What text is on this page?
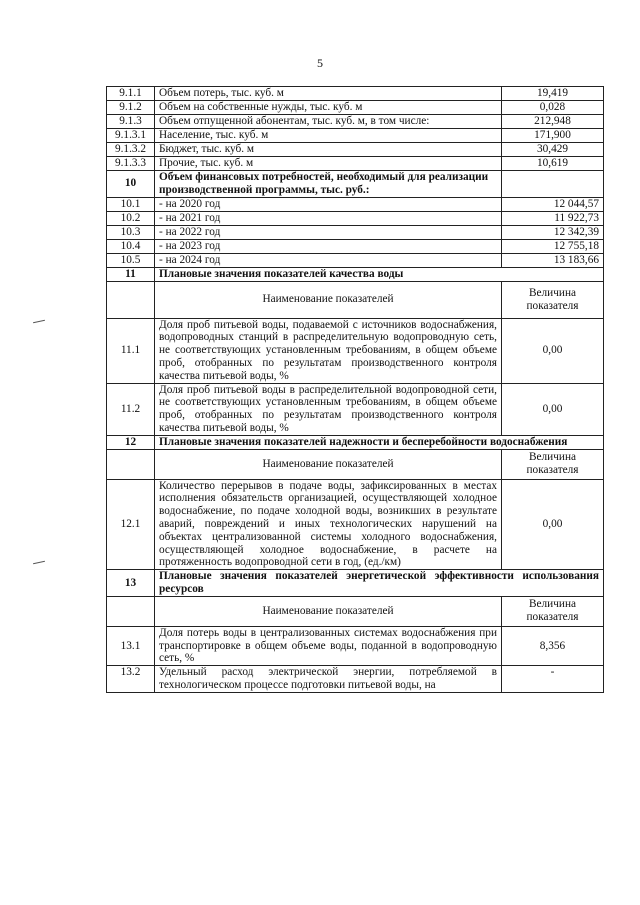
5
9.1.1	Объем потерь, тыс. куб. м	19,419
9.1.2	Объем на собственные нужды, тыс. куб. м	0,028
9.1.3	Объем отпущенной абонентам, тыс. куб. м, в том числе:	212,948
9.1.3.1	Население, тыс. куб. м	171,900
9.1.3.2	Бюджет, тыс. куб. м	30,429
9.1.3.3	Прочие, тыс. куб. м	10,619
10	Объем финансовых потребностей, необходимый для реализации производственной программы, тыс. руб.:	
10.1	- на 2020 год	12 044,57
10.2	- на 2021 год	11 922,73
10.3	- на 2022 год	12 342,39
10.4	- на 2023 год	12 755,18
10.5	- на 2024 год	13 183,66
11	Плановые значения показателей качества воды	
	Наименование показателей	Величина показателя
11.1	Доля проб питьевой воды, подаваемой с источников водоснабжения, водопроводных станций в распределительную водопроводную сеть, не соответствующих установленным требованиям, в общем объеме проб, отобранных по результатам производственного контроля качества питьевой воды, %	0,00
11.2	Доля проб питьевой воды в распределительной водопроводной сети, не соответствующих установленным требованиям, в общем объеме проб, отобранных по результатам производственного контроля качества питьевой воды, %	0,00
12	Плановые значения показателей надежности и бесперебойности водоснабжения	
	Наименование показателей	Величина показателя
12.1	Количество перерывов в подаче воды, зафиксированных в местах исполнения обязательств организацией, осуществляющей холодное водоснабжение, по подаче холодной воды, возникших в результате аварий, повреждений и иных технологических нарушений на объектах централизованной системы холодного водоснабжения, осуществляющей холодное водоснабжение, в расчете на протяженность водопроводной сети в год, (ед./км)	0,00
13	Плановые значения показателей энергетической эффективности использования ресурсов	
	Наименование показателей	Величина показателя
13.1	Доля потерь воды в централизованных системах водоснабжения при транспортировке в общем объеме воды, поданной в водопроводную сеть, %	8,356
13.2	Удельный расход электрической энергии, потребляемой в технологическом процессе подготовки питьевой воды, на	-
